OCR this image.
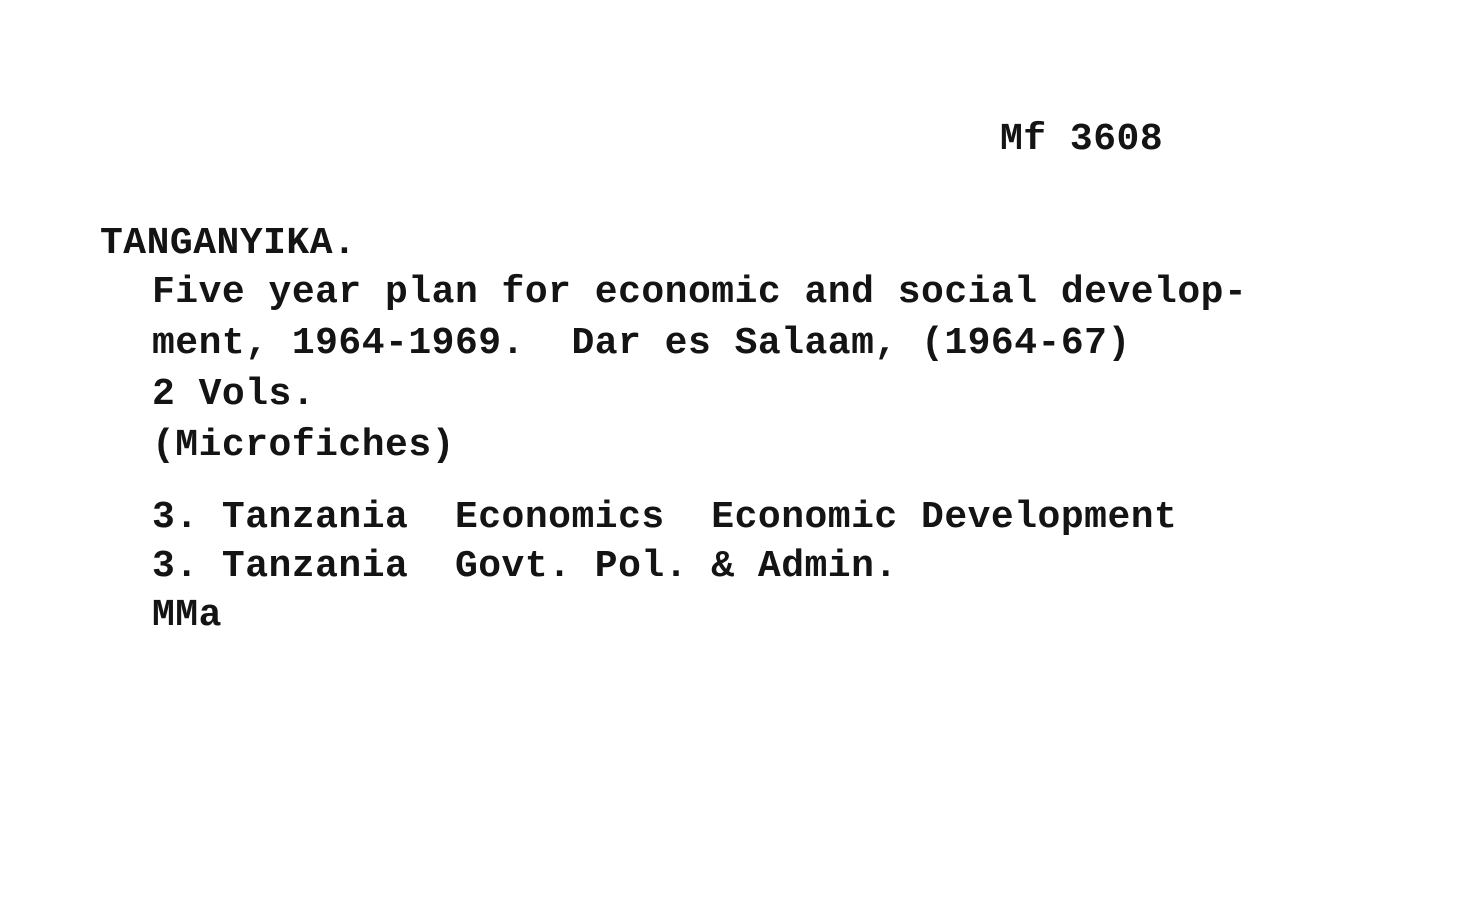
Mf 3608
TANGANYIKA.
Five year plan for economic and social develop-
ment, 1964-1969.  Dar es Salaam, (1964-67)
2 Vols.
(Microfiches)
3. Tanzania  Economics  Economic Development
3. Tanzania  Govt. Pol. & Admin.
MMa
